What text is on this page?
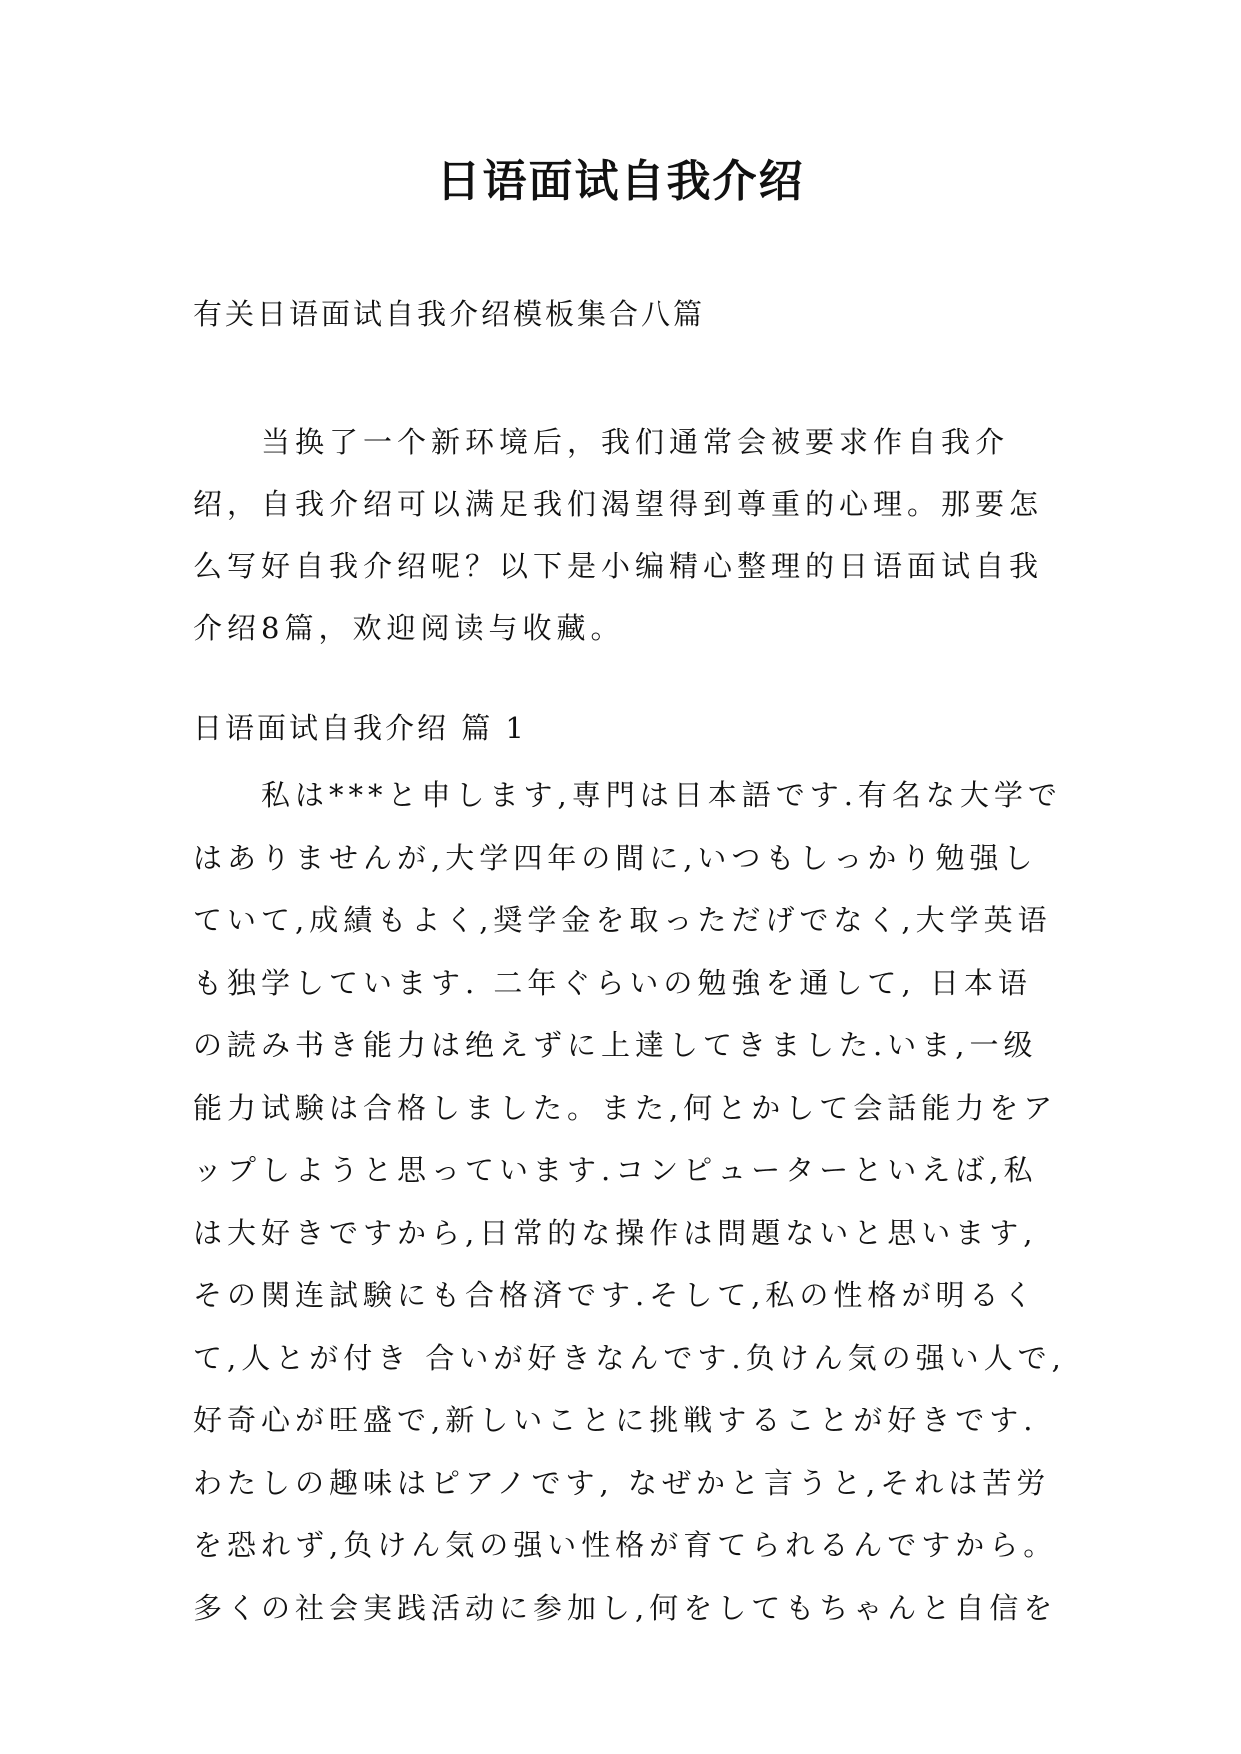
日语面试自我介绍
有关日语面试自我介绍模板集合八篇

当换了一个新环境后，我们通常会被要求作自我介绍，自我介绍可以满足我们渴望得到尊重的心理。那要怎么写好自我介绍呢？以下是小编精心整理的日语面试自我介绍8篇，欢迎阅读与收藏。

日语面试自我介绍 篇 1
私は***と申します,専門は日本語です.有名な大学で
はありませんが,大学四年の間に,いつもしっかり勉强し
ていて,成績もよく,奨学金を取っただげでなく,大学英语
も独学しています. 二年ぐらいの勉強を通して, 日本语
の読み书き能力は绝えずに上達してきました.いま,一级
能力试験は合格しました。また,何とかして会話能力をア
ップしようと思っています.コンピューターといえば,私
は大好きですから,日常的な操作は問題ないと思います,
その関连試験にも合格済です.そして,私の性格が明るく
て,人とが付き 合いが好きなんです.负けん気の强い人で,
好奇心が旺盛で,新しいことに挑戦することが好きです.
わたしの趣味はピアノです, なぜかと言うと,それは苦労
を恐れず,负けん気の强い性格が育てられるんですから。
多くの社会実践活动に参加し,何をしてもちゃんと自信を
